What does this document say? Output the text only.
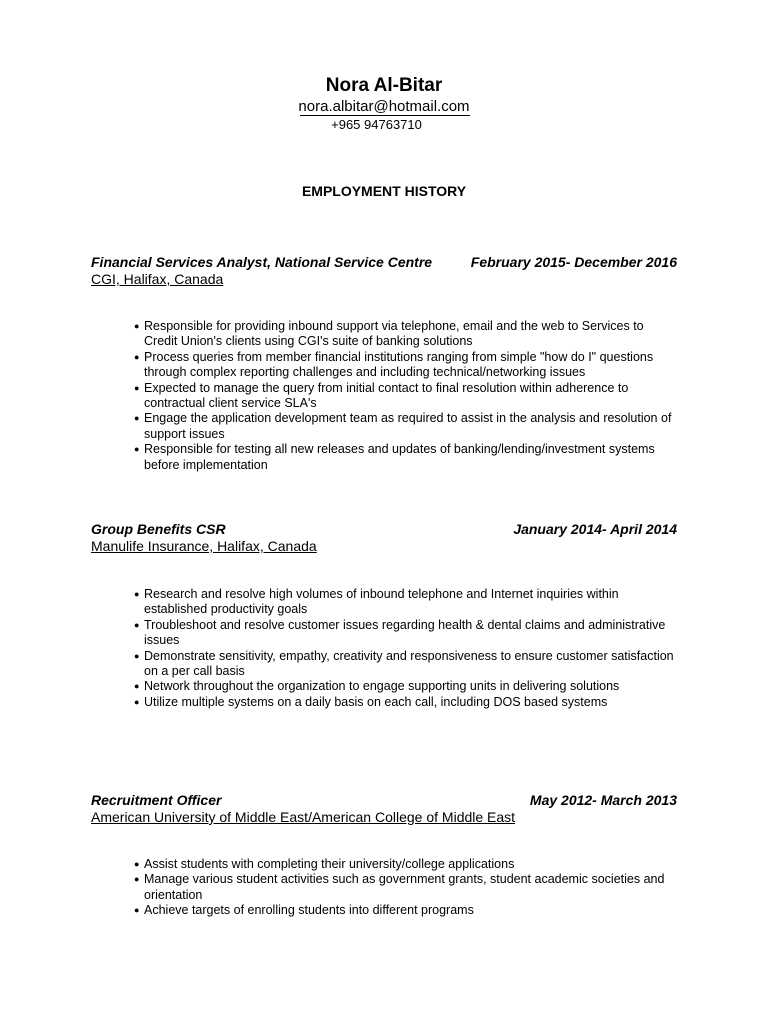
Nora Al-Bitar
nora.albitar@hotmail.com
+965 94763710
EMPLOYMENT HISTORY
Financial Services Analyst, National Service Centre	February 2015- December 2016
CGI, Halifax, Canada
● Responsible for providing inbound support via telephone, email and the web to Services to Credit Union's clients using CGI's suite of banking solutions
● Process queries from member financial institutions ranging from simple "how do I" questions through complex reporting challenges and including technical/networking issues
● Expected to manage the query from initial contact to final resolution within adherence to contractual client service SLA's
● Engage the application development team as required to assist in the analysis and resolution of support issues
● Responsible for testing all new releases and updates of banking/lending/investment systems before implementation
Group Benefits CSR	January 2014- April 2014
Manulife Insurance, Halifax, Canada
● Research and resolve high volumes of inbound telephone and Internet inquiries within established productivity goals
● Troubleshoot and resolve customer issues regarding health & dental claims and administrative issues
● Demonstrate sensitivity, empathy, creativity and responsiveness to ensure customer satisfaction on a per call basis
● Network throughout the organization to engage supporting units in delivering solutions
● Utilize multiple systems on a daily basis on each call, including DOS based systems
Recruitment Officer	May 2012- March 2013
American University of Middle East/American College of Middle East
● Assist students with completing their university/college applications
● Manage various student activities such as government grants, student academic societies and orientation
● Achieve targets of enrolling students into different programs
